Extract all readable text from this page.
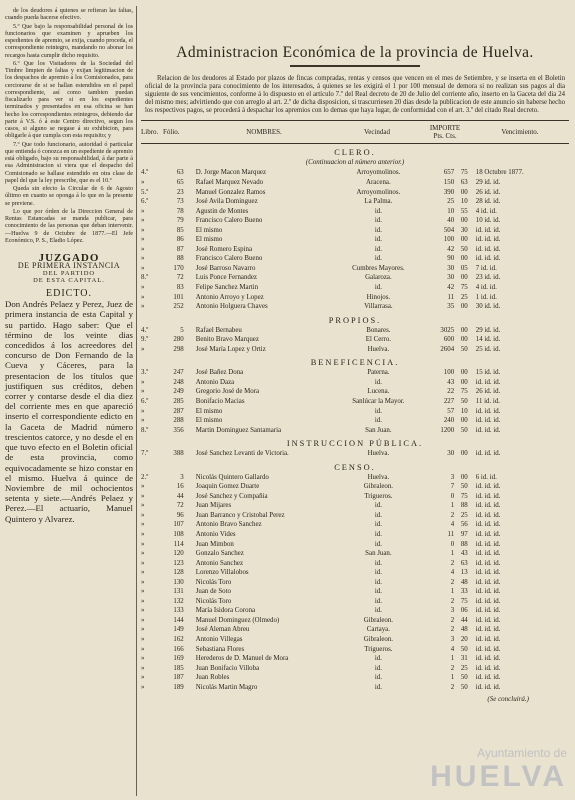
de los deudores á quienes se refieran las faltas, cuando pueda hacerse efectivo.

5.º Que bajo la responsabilidad personal de los funcionarios que examinen y aprueben los espedientes de apremio, se exija, cuando proceda, el correspondiente reintegro, mandando no abonar los recargos hasta cumplir dicho requisito.

6.º Que los Visitadores de la Sociedad del Timbre limpien de faltas y exijan legitimacion de los despachos de apremio á los Comisionados, para cerciorarse de si se hallan estendidos en el papel correspondiente, así como tambien puedan fiscalizarlo para ver si en los espedientes terminados y presentados en esa oficina se han hecho los correspondientes reintegros, debiendo dar parte á V.S. ó á este Centro directivo, segun los casos, si alguno se negase á su exhibicion, para obligarle á que cumpla con esta requisito; y

7.º Que todo funcionario, autoridad ó particular que entienda ó conozca en un espediente de apremio está obligado, bajo su responsabilidad, á dar parte á esa Administracion si viera que el despacho del Comisionado se hallase estendido en otra clase de papel del que la ley prescribe, que es el 10.º

Queda sin efecto la Circular de 6 de Agosto último en cuanto se oponga á lo que en la presente se previene.

Lo que por órden de la Direccion General de Rentas Estancadas se manda publicar, para conocimiento de las personas que deban intervenir.—Huelva 9 de Octubre de 1877.—El Jefe Económico, P. S., Eladio López.

JUZGADO
DE PRIMERA INSTANCIA
DEL PARTIDO
DE ESTA CAPITAL.
EDICTO.
Don Andrés Pelaez y Perez, Juez de primera instancia de esta Capital y su partido. Hago saber: Que el término de los veinte dias concedidos á los acreedores del concurso de Don Fernando de la Cueva y Cáceres, para la presentacion de los títulos que justifiquen sus créditos, deben correr y contarse desde el dia diez del corriente mes en que apareció inserto el correspondiente edicto en la Gaceta de Madrid número trescientos catorce, y no desde el en que tuvo efecto en el Boletin oficial de esta provincia, como equivocadamente se hizo constar en el mismo. Huelva á quince de Noviembre de mil ochocientos setenta y siete.—Andrés Pelaez y Perez.—El actuario, Manuel Quintero y Alvarez.
Administracion Económica de la provincia de Huelva.
Relacion de los deudores al Estado por plazos de fincas compradas, rentas y censos que vencen en el mes de Setiembre, y se inserta en el Boletin oficial de la provincia para conocimiento de los interesados, á quienes se les exigirá el 1 por 100 mensual de demora si no realizan sus pagos al dia siguiente de sus vencimientos, conforme á lo dispuesto en el artículo 7.º del Real decreto de 20 de Julio del corriente año, inserto en la Gaceta del dia 24 del mismo mes; advirtiendo que con arreglo al art. 2.º de dicha disposicion, si trascurriesen 20 dias desde la publicacion de este anuncio sin haberse hecho los respectivos pagos, se procederá á despachar los apremios con lo demas que haya lugar, de conformidad con el art. 3.º del citado Real decreto.
Libro. Fólio.	NOMBRES.	Vecindad	IMPORTE
Pts. Cts.	Vencimiento.
CLERO.
(Continuacion al número anterior.)
4.º	63	D. Jorge Macon Marquez	Arroyomolinos.	657 75	18 Octubre 1877.
»	65	Rafael Marquez Nevado	Aracena.	150 63	29 id. id.
5.º	23	Manuel Gonzalez Ramos	Arroyomolinos.	390 00	26 id. id.
6.º	73	José Avila Dominguez	La Palma.	25 10	28 id. id.
»	78	Agustin de Montes	id.	10 55	4 id. id.
»	79	Francisco Calero Bueno	id.	40 00	10 id. id.
»	85	El mismo	id.	504 30	id. id. id.
»	86	El mismo	id.	100 00	id. id. id.
»	87	José Romero Espina	id.	42 50	id. id. id.
»	88	Francisco Calero Bueno	id.	90 00	id. id. id.
»	170	José Barroso Navarro	Cumbres Mayores.	30 05	7 id. id.
8.º	72	Luis Ponce Fernandez	Galaroza.	30 00	23 id. id.
»	83	Felipe Sanchez Martin	id.	42 75	4 id. id.
»	101	Antonio Arroyo y Lopez	Hinojos.	11 25	1 id. id.
»	252	Antonio Holguera Chaves	Villarrasa.	35 00	30 id. id.
PROPIOS.
4.º	5	Rafael Bernabeu	Bonares.	3025 00	29 id. id.
9.º	280	Benito Bravo Marquez	El Cerro.	600 00	14 id. id.
»	298	José María Lopez y Ortiz	Huelva.	2604 50	25 id. id.
BENEFICENCIA.
3.º	247	José Bañez Dona	Paterna.	100 00	15 id. id.
»	248	Antonio Daza	id.	43 00	id. id. id.
»	249	Gregorio José de Mora	Lucena.	22 75	26 id. id.
6.º	285	Bonifacio Macias	Sanlúcar la Mayor.	227 50	11 id. id.
»	287	El mismo	id.	57 10	id. id. id.
»	288	El mismo	id.	240 00	id. id. id.
8.º	356	Martin Dominguez Santamaria	San Juan.	1200 50	id. id. id.
INSTRUCCION PÚBLICA.
7.º	388	José Sanchez Levanti de Victoria.	Huelva.	30 00	id. id. id.
CENSO.
2.º	3	Nicolás Quintero Gallardo	Huelva.	3 00	6 id. id.
»	16	Joaquin Gomez Duarte	Gibraleon.	7 50	id. id. id.
»	44	José Sanchez y Compañia	Trigueros.	0 75	id. id. id.
»	72	Juan Mijares	id.	1 88	id. id. id.
»	96	Juan Barranco y Cristobal Perez	id.	2 25	id. id. id.
»	107	Antonio Bravo Sanchez	id.	4 56	id. id. id.
»	108	Antonio Vides	id.	11 97	id. id. id.
»	114	Juan Mimbon	id.	0 88	id. id. id.
»	120	Gonzalo Sanchez	San Juan.	1 43	id. id. id.
»	123	Antonio Sanchez	id.	2 63	id. id. id.
»	128	Lorenzo Villalobos	id.	4 13	id. id. id.
»	130	Nicolás Toro	id.	2 48	id. id. id.
»	131	Juan de Soto	id.	1 33	id. id. id.
»	132	Nicolás Toro	id.	2 75	id. id. id.
»	133	María Isidora Corona	id.	3 06	id. id. id.
»	144	Manuel Dominguez (Olmedo)	Gibraleon.	2 44	id. id. id.
»	149	José Aleman Abreu	Cartaya.	2 48	id. id. id.
»	162	Antonio Villegas	Gibraleon.	3 20	id. id. id.
»	166	Sebastiana Flores	Trigueros.	4 50	id. id. id.
»	169	Herederos de D. Manuel de Mora	id.	1 31	id. id. id.
»	185	Juan Bonifacio Villoba	id.	2 25	id. id. id.
»	187	Juan Robles	id.	1 50	id. id. id.
»	189	Nicolás Martin Magro	id.	2 50	id. id. id.
(Se concluirá.)
Ayuntamiento de
HUELVA
